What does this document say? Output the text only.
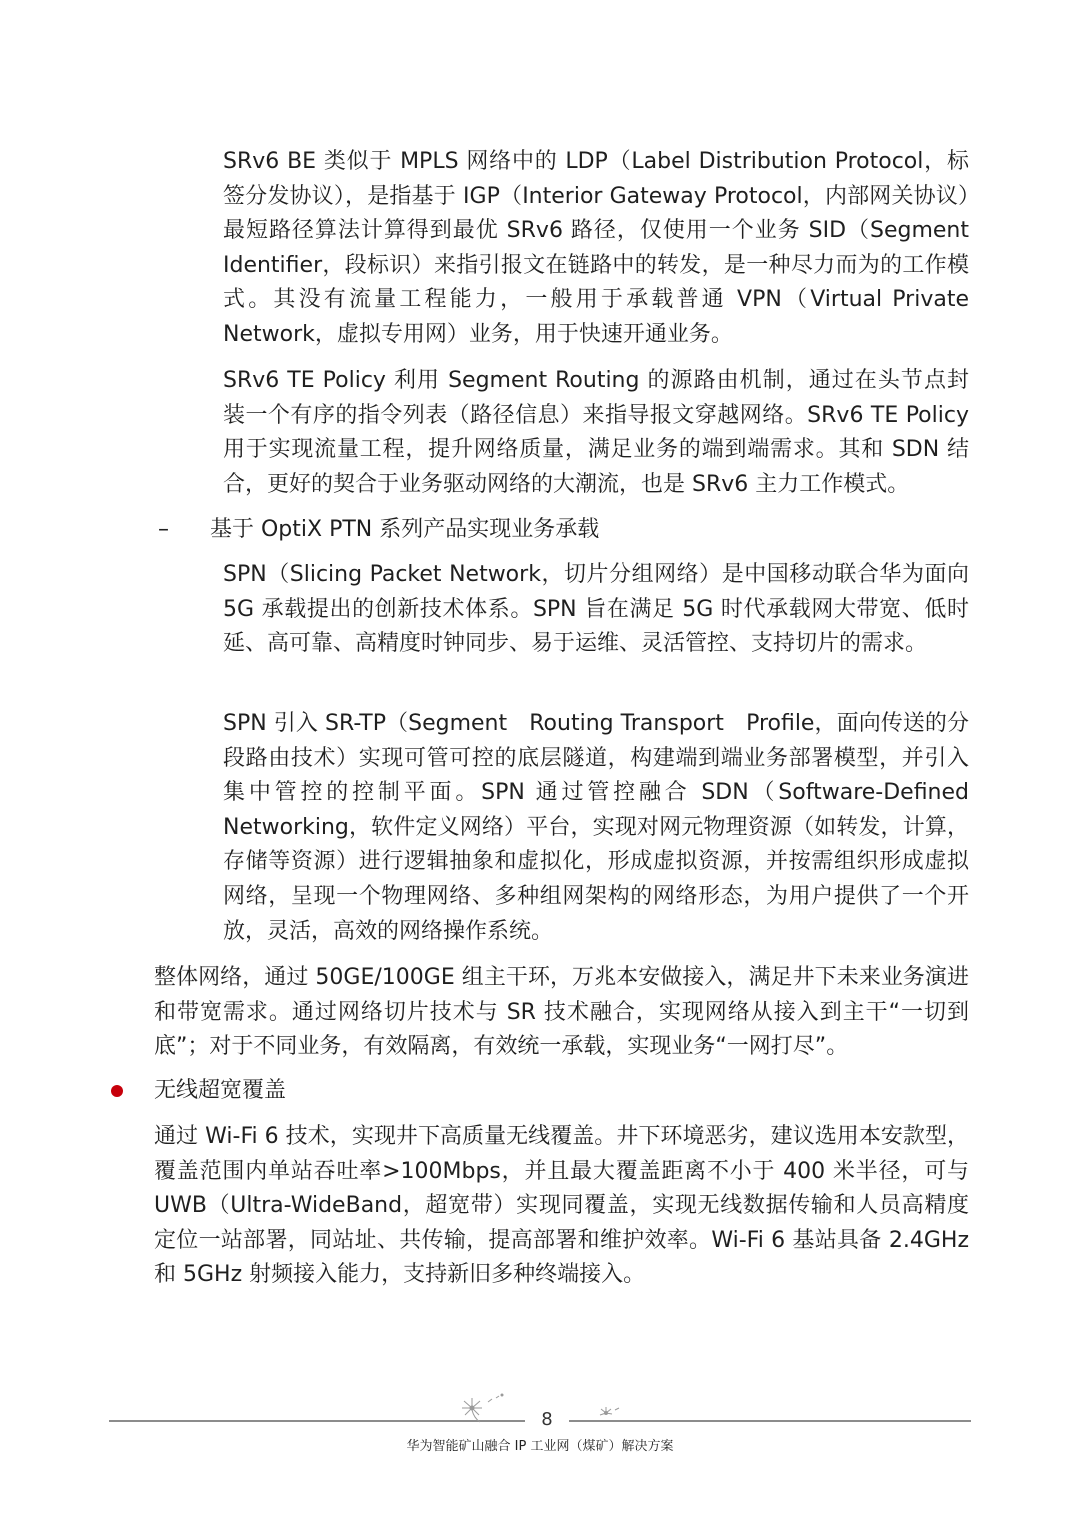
SRv6 BE 类似于 MPLS 网络中的 LDP（Label Distribution Protocol，标签分发协议），是指基于 IGP（Interior Gateway Protocol，内部网关协议）最短路径算法计算得到最优 SRv6 路径，仅使用一个业务 SID（Segment Identifier，段标识）来指引报文在链路中的转发，是一种尽力而为的工作模式。其没有流量工程能力，一般用于承载普通 VPN（Virtual Private Network，虚拟专用网）业务，用于快速开通业务。

SRv6 TE Policy 利用 Segment Routing 的源路由机制，通过在头节点封装一个有序的指令列表（路径信息）来指导报文穿越网络。SRv6 TE Policy 用于实现流量工程，提升网络质量，满足业务的端到端需求。其和 SDN 结合，更好的契合于业务驱动网络的大潮流，也是 SRv6 主力工作模式。

– 基于 OptiX PTN 系列产品实现业务承载

SPN（Slicing Packet Network，切片分组网络）是中国移动联合华为面向 5G 承载提出的创新技术体系。SPN 旨在满足 5G 时代承载网大带宽、低时延、高可靠、高精度时钟同步、易于运维、灵活管控、支持切片的需求。

SPN 引入 SR-TP（Segment　Routing Transport　Profile，面向传送的分段路由技术）实现可管可控的底层隧道，构建端到端业务部署模型，并引入集中管控的控制平面。SPN 通过管控融合 SDN（Software-Defined Networking，软件定义网络）平台，实现对网元物理资源（如转发，计算，存储等资源）进行逻辑抽象和虚拟化，形成虚拟资源，并按需组织形成虚拟网络，呈现一个物理网络、多种组网架构的网络形态，为用户提供了一个开放，灵活，高效的网络操作系统。

整体网络，通过 50GE/100GE 组主干环，万兆本安做接入，满足井下未来业务演进和带宽需求。通过网络切片技术与 SR 技术融合，实现网络从接入到主干“一切到底”；对于不同业务，有效隔离，有效统一承载，实现业务“一网打尽”。

无线超宽覆盖

通过 Wi-Fi 6 技术，实现井下高质量无线覆盖。井下环境恶劣，建议选用本安款型，覆盖范围内单站吞吐率>100Mbps，并且最大覆盖距离不小于 400 米半径，可与 UWB（Ultra-WideBand，超宽带）实现同覆盖，实现无线数据传输和人员高精度定位一站部署，同站址、共传输，提高部署和维护效率。Wi-Fi 6 基站具备 2.4GHz 和 5GHz 射频接入能力，支持新旧多种终端接入。

8
华为智能矿山融合 IP 工业网（煤矿）解决方案
